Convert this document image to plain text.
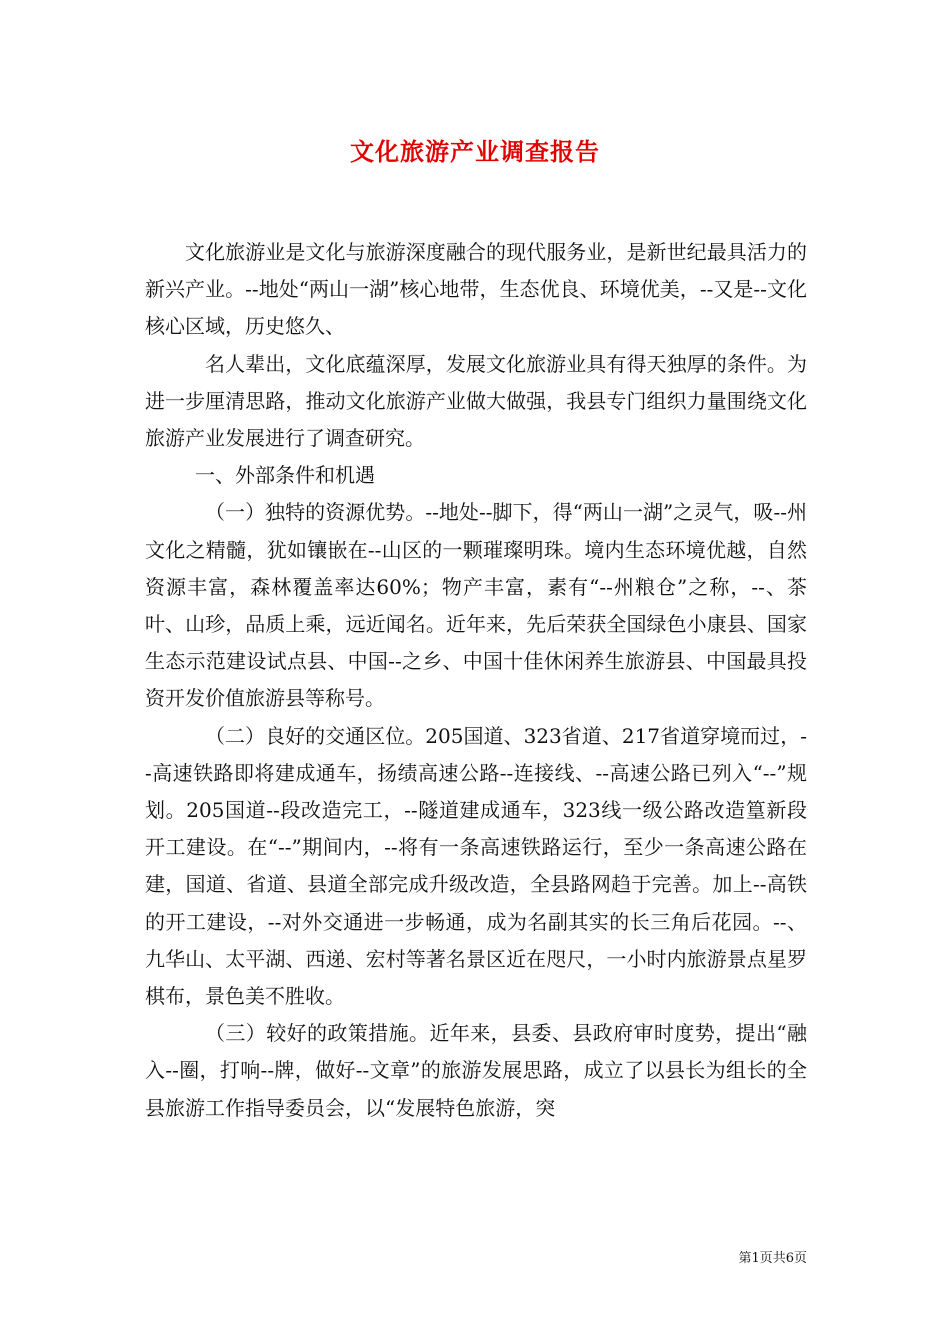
文化旅游产业调查报告

文化旅游业是文化与旅游深度融合的现代服务业，是新世纪最具活力的新兴产业。--地处“两山一湖”核心地带，生态优良、环境优美，--又是--文化核心区域，历史悠久、

名人辈出，文化底蕴深厚，发展文化旅游业具有得天独厚的条件。为进一步厘清思路，推动文化旅游产业做大做强，我县专门组织力量围绕文化旅游产业发展进行了调查研究。

一、外部条件和机遇

（一）独特的资源优势。--地处--脚下，得“两山一湖”之灵气，吸--州文化之精髓，犹如镶嵌在--山区的一颗璀璨明珠。境内生态环境优越，自然资源丰富，森林覆盖率达60%；物产丰富，素有“--州粮仓”之称，--、茶叶、山珍，品质上乘，远近闻名。近年来，先后荣获全国绿色小康县、国家生态示范建设试点县、中国--之乡、中国十佳休闲养生旅游县、中国最具投资开发价值旅游县等称号。

（二）良好的交通区位。205国道、323省道、217省道穿境而过，--高速铁路即将建成通车，扬绩高速公路--连接线、--高速公路已列入“--”规划。205国道--段改造完工，--隧道建成通车，323线一级公路改造篁新段开工建设。在“--”期间内，--将有一条高速铁路运行，至少一条高速公路在建，国道、省道、县道全部完成升级改造，全县路网趋于完善。加上--高铁的开工建设，--对外交通进一步畅通，成为名副其实的长三角后花园。--、九华山、太平湖、西递、宏村等著名景区近在咫尺，一小时内旅游景点星罗棋布，景色美不胜收。

（三）较好的政策措施。近年来，县委、县政府审时度势，提出“融入--圈，打响--牌，做好--文章”的旅游发展思路，成立了以县长为组长的全县旅游工作指导委员会，以“发展特色旅游，突

第1页共6页
